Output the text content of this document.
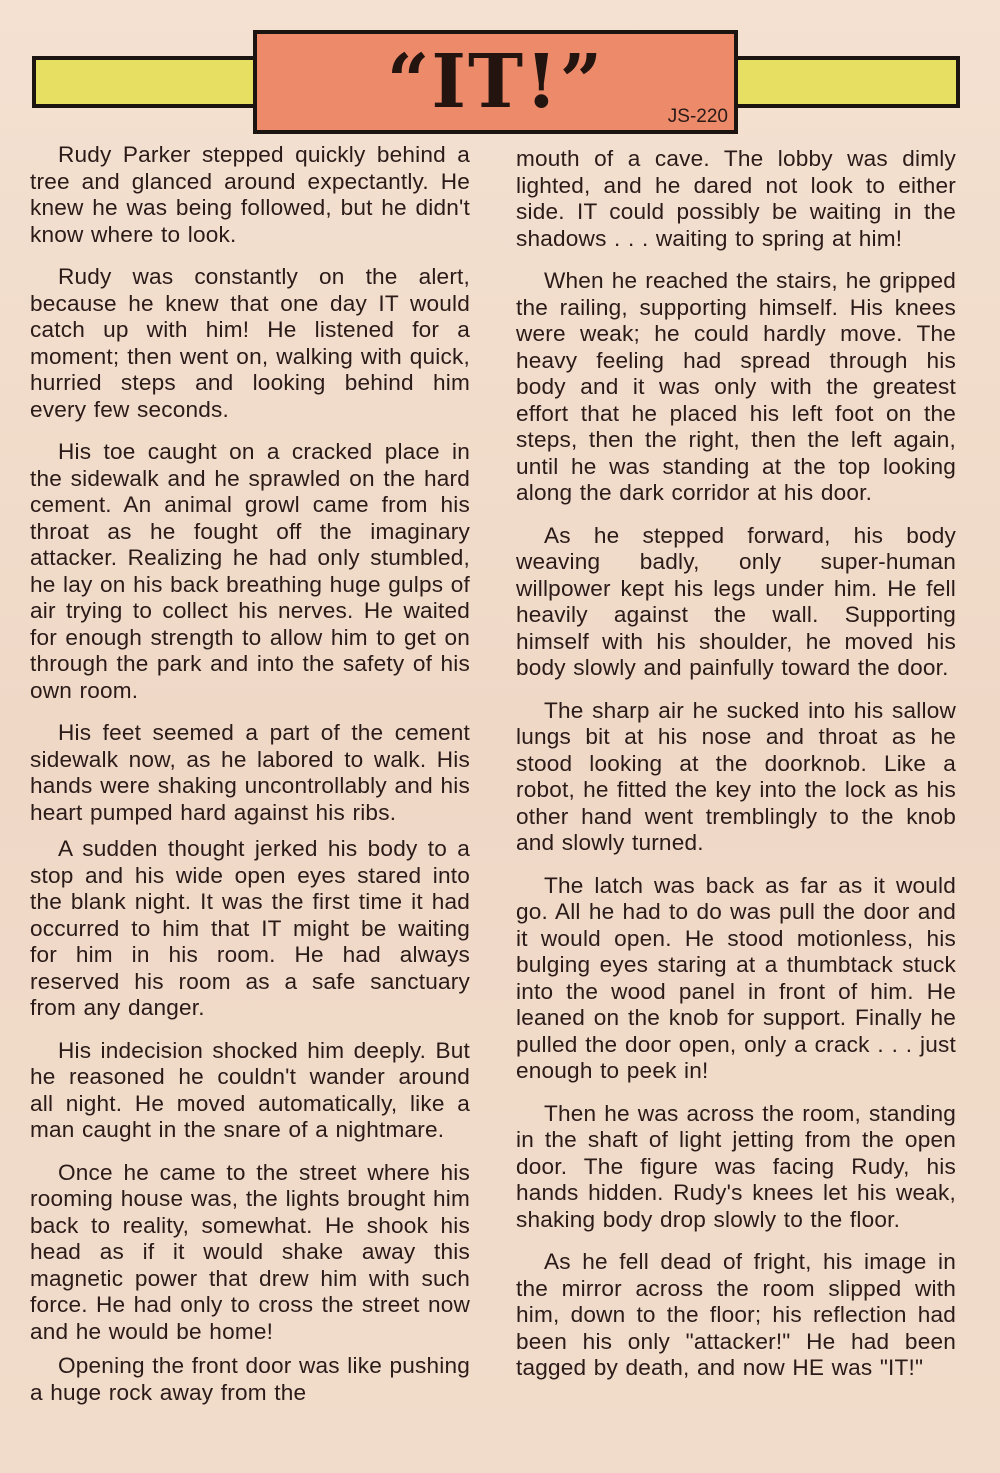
“IT!”	JS-220

Rudy Parker stepped quickly behind a tree and glanced around expectantly. He knew he was being followed, but he didn't know where to look.

Rudy was constantly on the alert, because he knew that one day IT would catch up with him! He listened for a moment; then went on, walking with quick, hurried steps and looking behind him every few seconds.

His toe caught on a cracked place in the sidewalk and he sprawled on the hard cement. An animal growl came from his throat as he fought off the imaginary attacker. Realizing he had only stumbled, he lay on his back breathing huge gulps of air trying to collect his nerves. He waited for enough strength to allow him to get on through the park and into the safety of his own room.

His feet seemed a part of the cement sidewalk now, as he labored to walk. His hands were shaking uncontrollably and his heart pumped hard against his ribs.

A sudden thought jerked his body to a stop and his wide open eyes stared into the blank night. It was the first time it had occurred to him that IT might be waiting for him in his room. He had always reserved his room as a safe sanctuary from any danger.

His indecision shocked him deeply. But he reasoned he couldn't wander around all night. He moved automatically, like a man caught in the snare of a nightmare.

Once he came to the street where his rooming house was, the lights brought him back to reality, somewhat. He shook his head as if it would shake away this magnetic power that drew him with such force. He had only to cross the street now and he would be home!

Opening the front door was like pushing a huge rock away from the

mouth of a cave. The lobby was dimly lighted, and he dared not look to either side. IT could possibly be waiting in the shadows . . . waiting to spring at him!

When he reached the stairs, he gripped the railing, supporting himself. His knees were weak; he could hardly move. The heavy feeling had spread through his body and it was only with the greatest effort that he placed his left foot on the steps, then the right, then the left again, until he was standing at the top looking along the dark corridor at his door.

As he stepped forward, his body weaving badly, only super-human willpower kept his legs under him. He fell heavily against the wall. Supporting himself with his shoulder, he moved his body slowly and painfully toward the door.

The sharp air he sucked into his sallow lungs bit at his nose and throat as he stood looking at the doorknob. Like a robot, he fitted the key into the lock as his other hand went tremblingly to the knob and slowly turned.

The latch was back as far as it would go. All he had to do was pull the door and it would open. He stood motionless, his bulging eyes staring at a thumbtack stuck into the wood panel in front of him. He leaned on the knob for support. Finally he pulled the door open, only a crack . . . just enough to peek in!

Then he was across the room, standing in the shaft of light jetting from the open door. The figure was facing Rudy, his hands hidden. Rudy's knees let his weak, shaking body drop slowly to the floor.

As he fell dead of fright, his image in the mirror across the room slipped with him, down to the floor; his reflection had been his only "attacker!" He had been tagged by death, and now HE was "IT!"
